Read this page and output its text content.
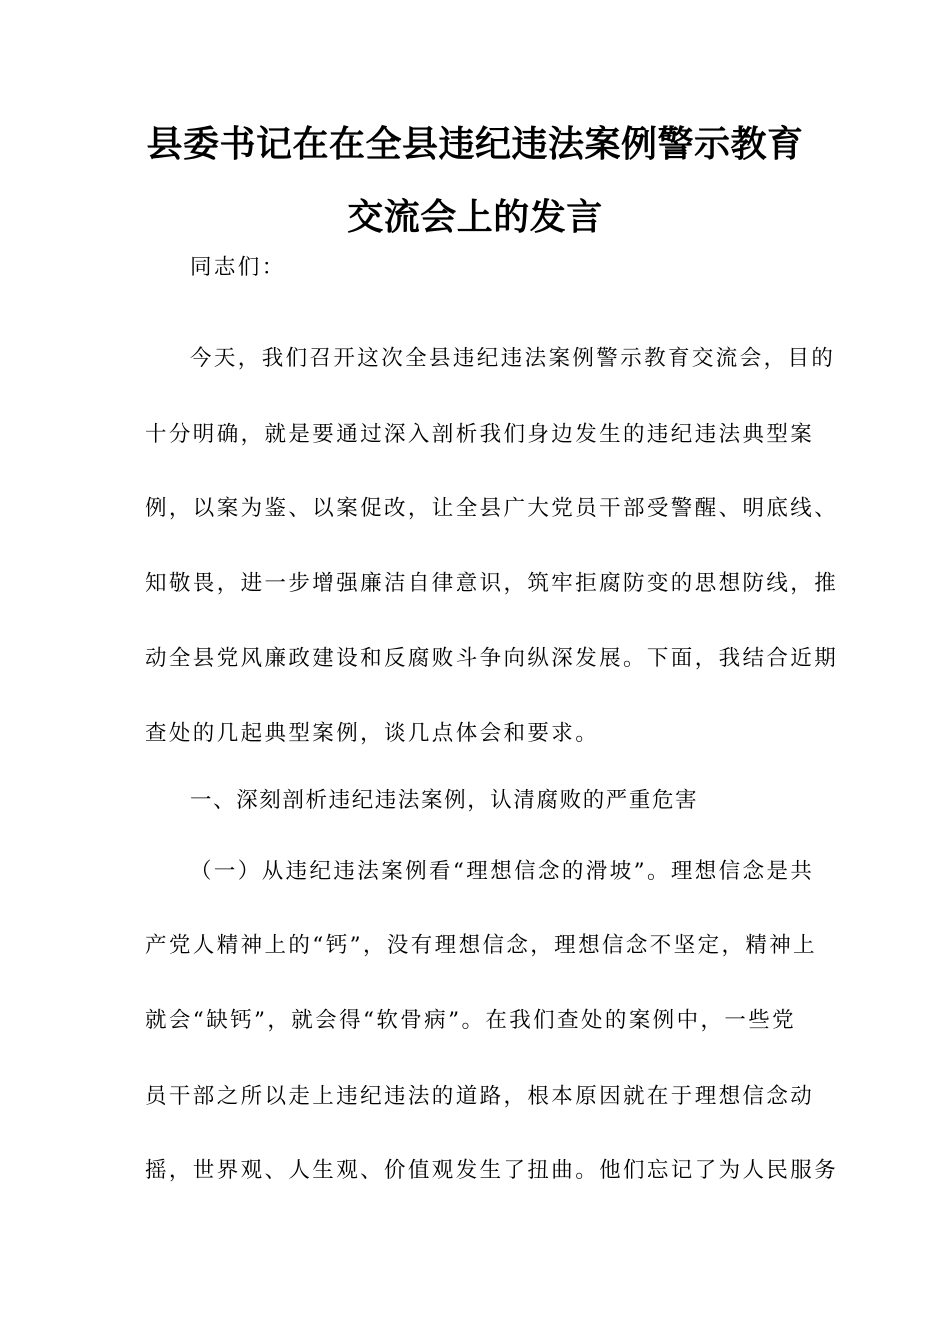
县委书记在在全县违纪违法案例警示教育
交流会上的发言
同志们：
今天，我们召开这次全县违纪违法案例警示教育交流会，目的
十分明确，就是要通过深入剖析我们身边发生的违纪违法典型案
例，以案为鉴、以案促改，让全县广大党员干部受警醒、明底线、
知敬畏，进一步增强廉洁自律意识，筑牢拒腐防变的思想防线，推
动全县党风廉政建设和反腐败斗争向纵深发展。下面，我结合近期
查处的几起典型案例，谈几点体会和要求。
一、深刻剖析违纪违法案例，认清腐败的严重危害
（一）从违纪违法案例看“理想信念的滑坡”。理想信念是共
产党人精神上的“钙”，没有理想信念，理想信念不坚定，精神上
就会“缺钙”，就会得“软骨病”。在我们查处的案例中，一些党
员干部之所以走上违纪违法的道路，根本原因就在于理想信念动
摇，世界观、人生观、价值观发生了扭曲。他们忘记了为人民服务
